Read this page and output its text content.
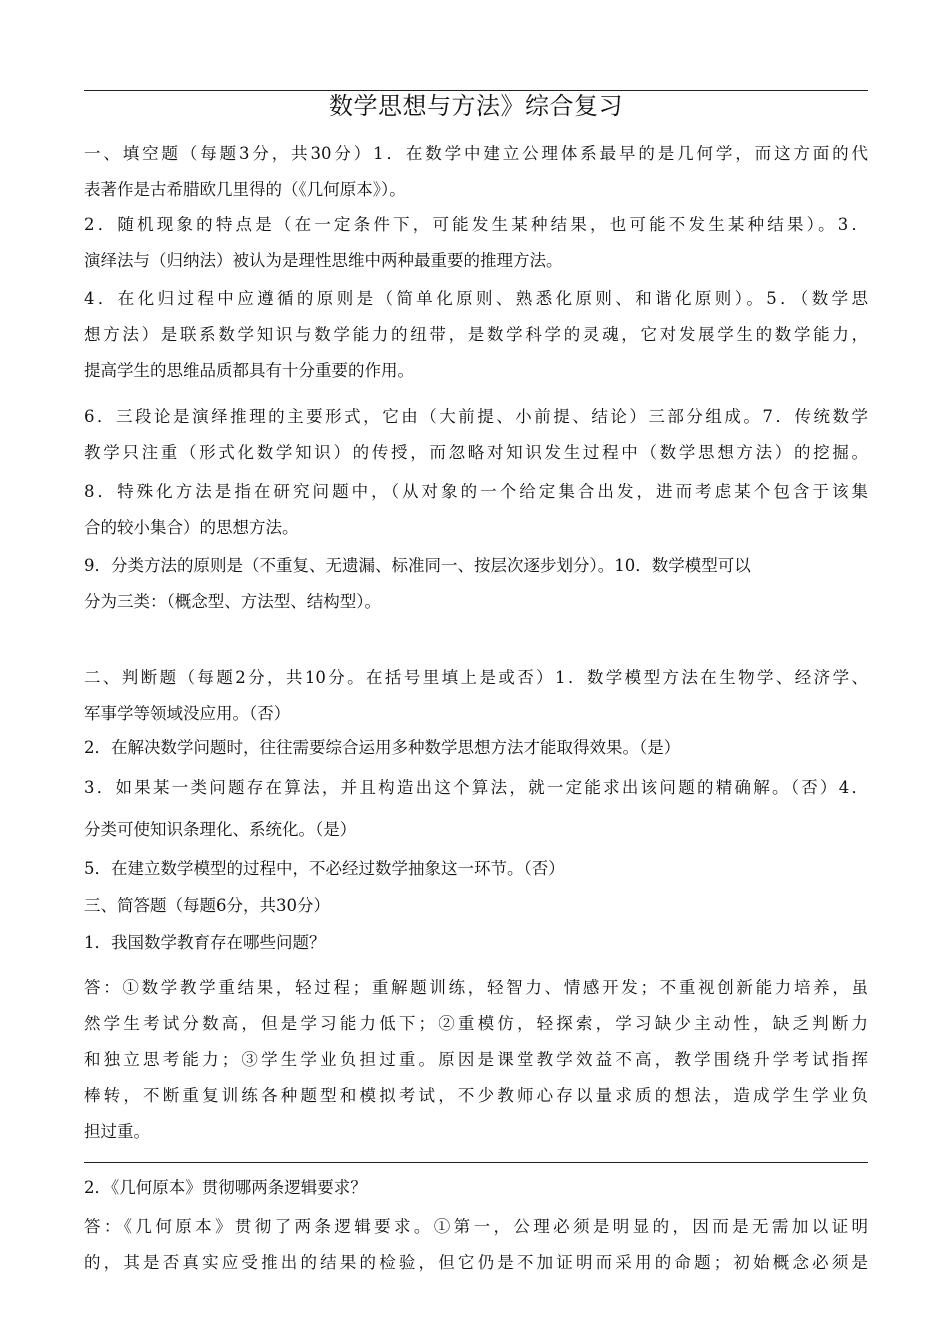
数学思想与方法》综合复习
一、填空题（每题3分，共30分）1．在数学中建立公理体系最早的是几何学，而这方面的代
表著作是古希腊欧几里得的（《几何原本》）。
2．随机现象的特点是（在一定条件下，可能发生某种结果，也可能不发生某种结果）。3．
演绎法与（归纳法）被认为是理性思维中两种最重要的推理方法。
4．在化归过程中应遵循的原则是（简单化原则、熟悉化原则、和谐化原则）。5．（数学思
想方法）是联系数学知识与数学能力的纽带，是数学科学的灵魂，它对发展学生的数学能力，
提高学生的思维品质都具有十分重要的作用。
6．三段论是演绎推理的主要形式，它由（大前提、小前提、结论）三部分组成。7．传统数学
教学只注重（形式化数学知识）的传授，而忽略对知识发生过程中（数学思想方法）的挖掘。
8．特殊化方法是指在研究问题中，（从对象的一个给定集合出发，进而考虑某个包含于该集
合的较小集合）的思想方法。
9．分类方法的原则是（不重复、无遗漏、标准同一、按层次逐步划分）。10．数学模型可以
分为三类：（概念型、方法型、结构型）。
二、判断题（每题2分，共10分。在括号里填上是或否）1．数学模型方法在生物学、经济学、
军事学等领域没应用。（否）
2．在解决数学问题时，往往需要综合运用多种数学思想方法才能取得效果。（是）
3．如果某一类问题存在算法，并且构造出这个算法，就一定能求出该问题的精确解。（否）4．
分类可使知识条理化、系统化。（是）
5．在建立数学模型的过程中，不必经过数学抽象这一环节。（否）
三、简答题（每题6分，共30分）
1．我国数学教育存在哪些问题？
答：①数学教学重结果，轻过程；重解题训练，轻智力、情感开发；不重视创新能力培养，虽
然学生考试分数高，但是学习能力低下；②重模仿，轻探索，学习缺少主动性，缺乏判断力
和独立思考能力；③学生学业负担过重。原因是课堂教学效益不高，教学围绕升学考试指挥
棒转，不断重复训练各种题型和模拟考试，不少教师心存以量求质的想法，造成学生学业负
担过重。
2．《几何原本》贯彻哪两条逻辑要求？
答：《几何原本》贯彻了两条逻辑要求。①第一，公理必须是明显的，因而是无需加以证明
的，其是否真实应受推出的结果的检验，但它仍是不加证明而采用的命题；初始概念必须是
